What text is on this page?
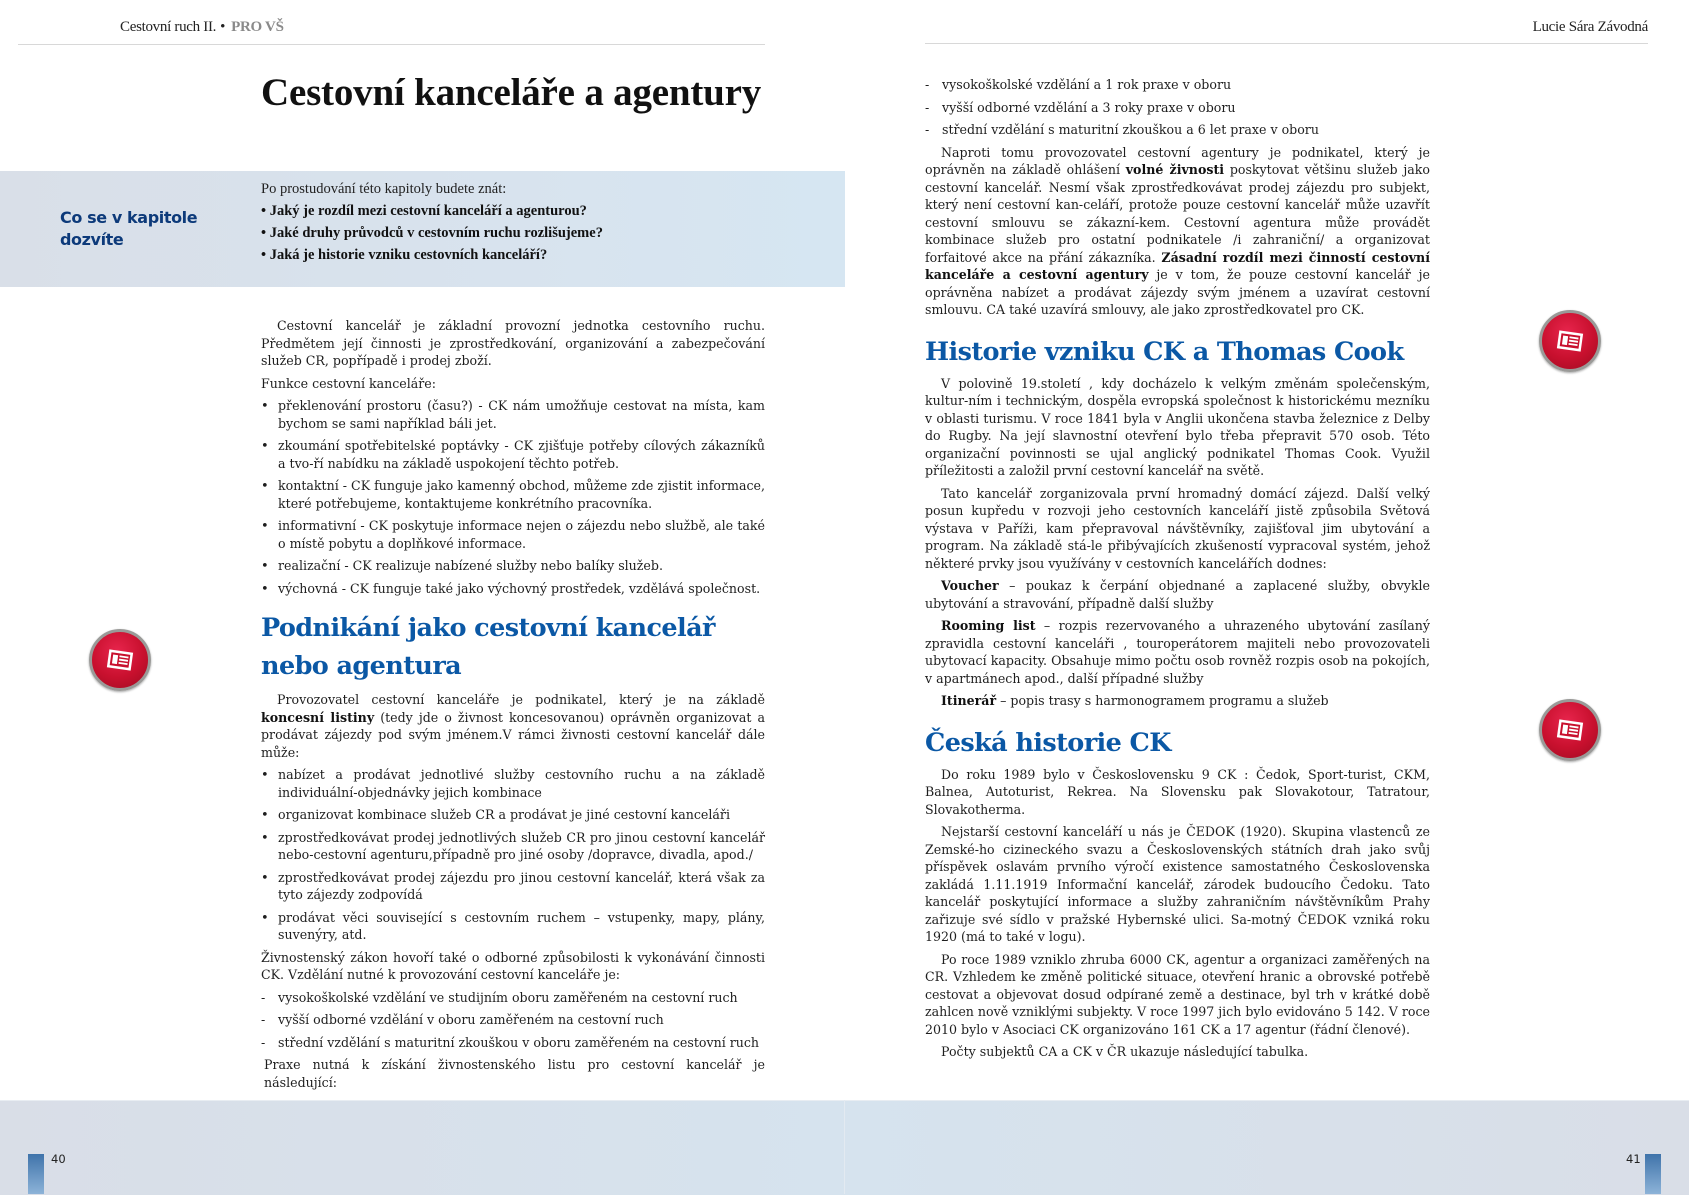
Cestovní ruch II. • PRO VŠ
Cestovní kanceláře a agentury
Co se v kapitole dozvíte
Po prostudování této kapitoly budete znát:
• Jaký je rozdíl mezi cestovní kanceláří a agenturou?
• Jaké druhy průvodců v cestovním ruchu rozlišujeme?
• Jaká je historie vzniku cestovních kanceláří?

Cestovní kancelář je základní provozní jednotka cestovního ruchu. Předmětem její činnosti je zprostředkování, organizování a zabezpečování služeb CR, popřípadě i prodej zboží.

Funkce cestovní kanceláře:

•
překlenování prostoru (času?) - CK nám umožňuje cestovat na místa, kam bychom se sami například báli jet.
•
zkoumání spotřebitelské poptávky - CK zjišťuje potřeby cílových zákazníků a tvo-ří nabídku na základě uspokojení těchto potřeb.
•
kontaktní - CK funguje jako kamenný obchod, můžeme zde zjistit informace, které potřebujeme, kontaktujeme konkrétního pracovníka.
•
informativní - CK poskytuje informace nejen o zájezdu nebo službě, ale také o místě pobytu a doplňkové informace.
•
realizační - CK realizuje nabízené služby nebo balíky služeb.
•
výchovná - CK funguje také jako výchovný prostředek, vzdělává společnost.
Podnikání jako cestovní kancelář
nebo agentura

Provozovatel cestovní kanceláře je podnikatel, který je na základě koncesní listiny (tedy jde o živnost koncesovanou) oprávněn organizovat a prodávat zájezdy pod svým jménem.V rámci živnosti cestovní kancelář dále může:

•
nabízet a prodávat jednotlivé služby cestovního ruchu a na základě individuální-objednávky jejich kombinace
•
organizovat kombinace služeb CR a prodávat je jiné cestovní kanceláři
•
zprostředkovávat prodej jednotlivých služeb CR pro jinou cestovní kancelář nebo-cestovní agenturu,případně pro jiné osoby /dopravce, divadla, apod./
•
zprostředkovávat prodej zájezdu pro jinou cestovní kancelář, která však za tyto zájezdy zodpovídá
•
prodávat věci související s cestovním ruchem – vstupenky, mapy, plány, suvenýry, atd.

Živnostenský zákon hovoří také o odborné způsobilosti k vykonávání činnosti CK. Vzdělání nutné k provozování cestovní kanceláře je:

-
vysokoškolské vzdělání ve studijním oboru zaměřeném na cestovní ruch
-
vyšší odborné vzdělání v oboru zaměřeném na cestovní ruch
-
střední vzdělání s maturitní zkouškou v oboru zaměřeném na cestovní ruch

Praxe nutná k získání živnostenského listu pro cestovní kancelář je následující:

Lucie Sára Závodná
-
vysokoškolské vzdělání a 1 rok praxe v oboru
-
vyšší odborné vzdělání a 3 roky praxe v oboru
-
střední vzdělání s maturitní zkouškou a 6 let praxe v oboru

Naproti tomu provozovatel cestovní agentury je podnikatel, který je oprávněn na základě ohlášení volné živnosti poskytovat většinu služeb jako cestovní kancelář. Nesmí však zprostředkovávat prodej zájezdu pro subjekt, který není cestovní kan-celáří, protože pouze cestovní kancelář může uzavřít cestovní smlouvu se zákazní-kem. Cestovní agentura může provádět kombinace služeb pro ostatní podnikatele /i zahraniční/ a organizovat forfaitové akce na přání zákazníka. Zásadní rozdíl mezi činností cestovní kanceláře a cestovní agentury je v tom, že pouze cestovní kancelář je oprávněna nabízet a prodávat zájezdy svým jménem a uzavírat cestovní smlouvu. CA také uzavírá smlouvy, ale jako zprostředkovatel pro CK.

Historie vzniku CK a Thomas Cook

V polovině 19.století , kdy docházelo k velkým změnám společenským, kultur-ním i technickým, dospěla evropská společnost k historickému mezníku v oblasti turismu. V roce 1841 byla v Anglii ukončena stavba železnice z Delby do Rugby. Na její slavnostní otevření bylo třeba přepravit 570 osob. Této organizační povinnosti se ujal anglický podnikatel Thomas Cook. Využil příležitosti a založil první cestovní kancelář na světě.

Tato kancelář zorganizovala první hromadný domácí zájezd. Další velký posun kupředu v rozvoji jeho cestovních kanceláří jistě způsobila Světová výstava v Paříži, kam přepravoval návštěvníky, zajišťoval jim ubytování a program. Na základě stá-le přibývajících zkušeností vypracoval systém, jehož některé prvky jsou využívány v cestovních kancelářích dodnes:

Voucher – poukaz k čerpání objednané a zaplacené služby, obvykle ubytování a stravování, případně další služby

Rooming list – rozpis rezervovaného a uhrazeného ubytování zasílaný zpravidla cestovní kanceláři , touroperátorem majiteli nebo provozovateli ubytovací kapacity. Obsahuje mimo počtu osob rovněž rozpis osob na pokojích, v apartmánech apod., další případné služby

Itinerář – popis trasy s harmonogramem programu a služeb

Česká historie CK

Do roku 1989 bylo v Československu 9 CK : Čedok, Sport-turist, CKM, Balnea, Autoturist, Rekrea. Na Slovensku pak Slovakotour, Tatratour, Slovakotherma.

Nejstarší cestovní kanceláří u nás je ČEDOK (1920). Skupina vlastenců ze Zemské-ho cizineckého svazu a Československých státních drah jako svůj příspěvek oslavám prvního výročí existence samostatného Československa zakládá 1.11.1919 Informační kancelář, zárodek budoucího Čedoku. Tato kancelář poskytující informace a služby zahraničním návštěvníkům Prahy zařizuje své sídlo v pražské Hybernské ulici. Sa-motný ČEDOK vzniká roku 1920 (má to také v logu).

Po roce 1989 vzniklo zhruba 6000 CK, agentur a organizaci zaměřených na CR. Vzhledem ke změně politické situace, otevření hranic a obrovské potřebě cestovat a objevovat dosud odpírané země a destinace, byl trh v krátké době zahlcen nově vzniklými subjekty. V roce 1997 jich bylo evidováno 5 142. V roce 2010 bylo v Asociaci CK organizováno 161 CK a 17 agentur (řádní členové).

Počty subjektů CA a CK v ČR ukazuje následující tabulka.

40	41
